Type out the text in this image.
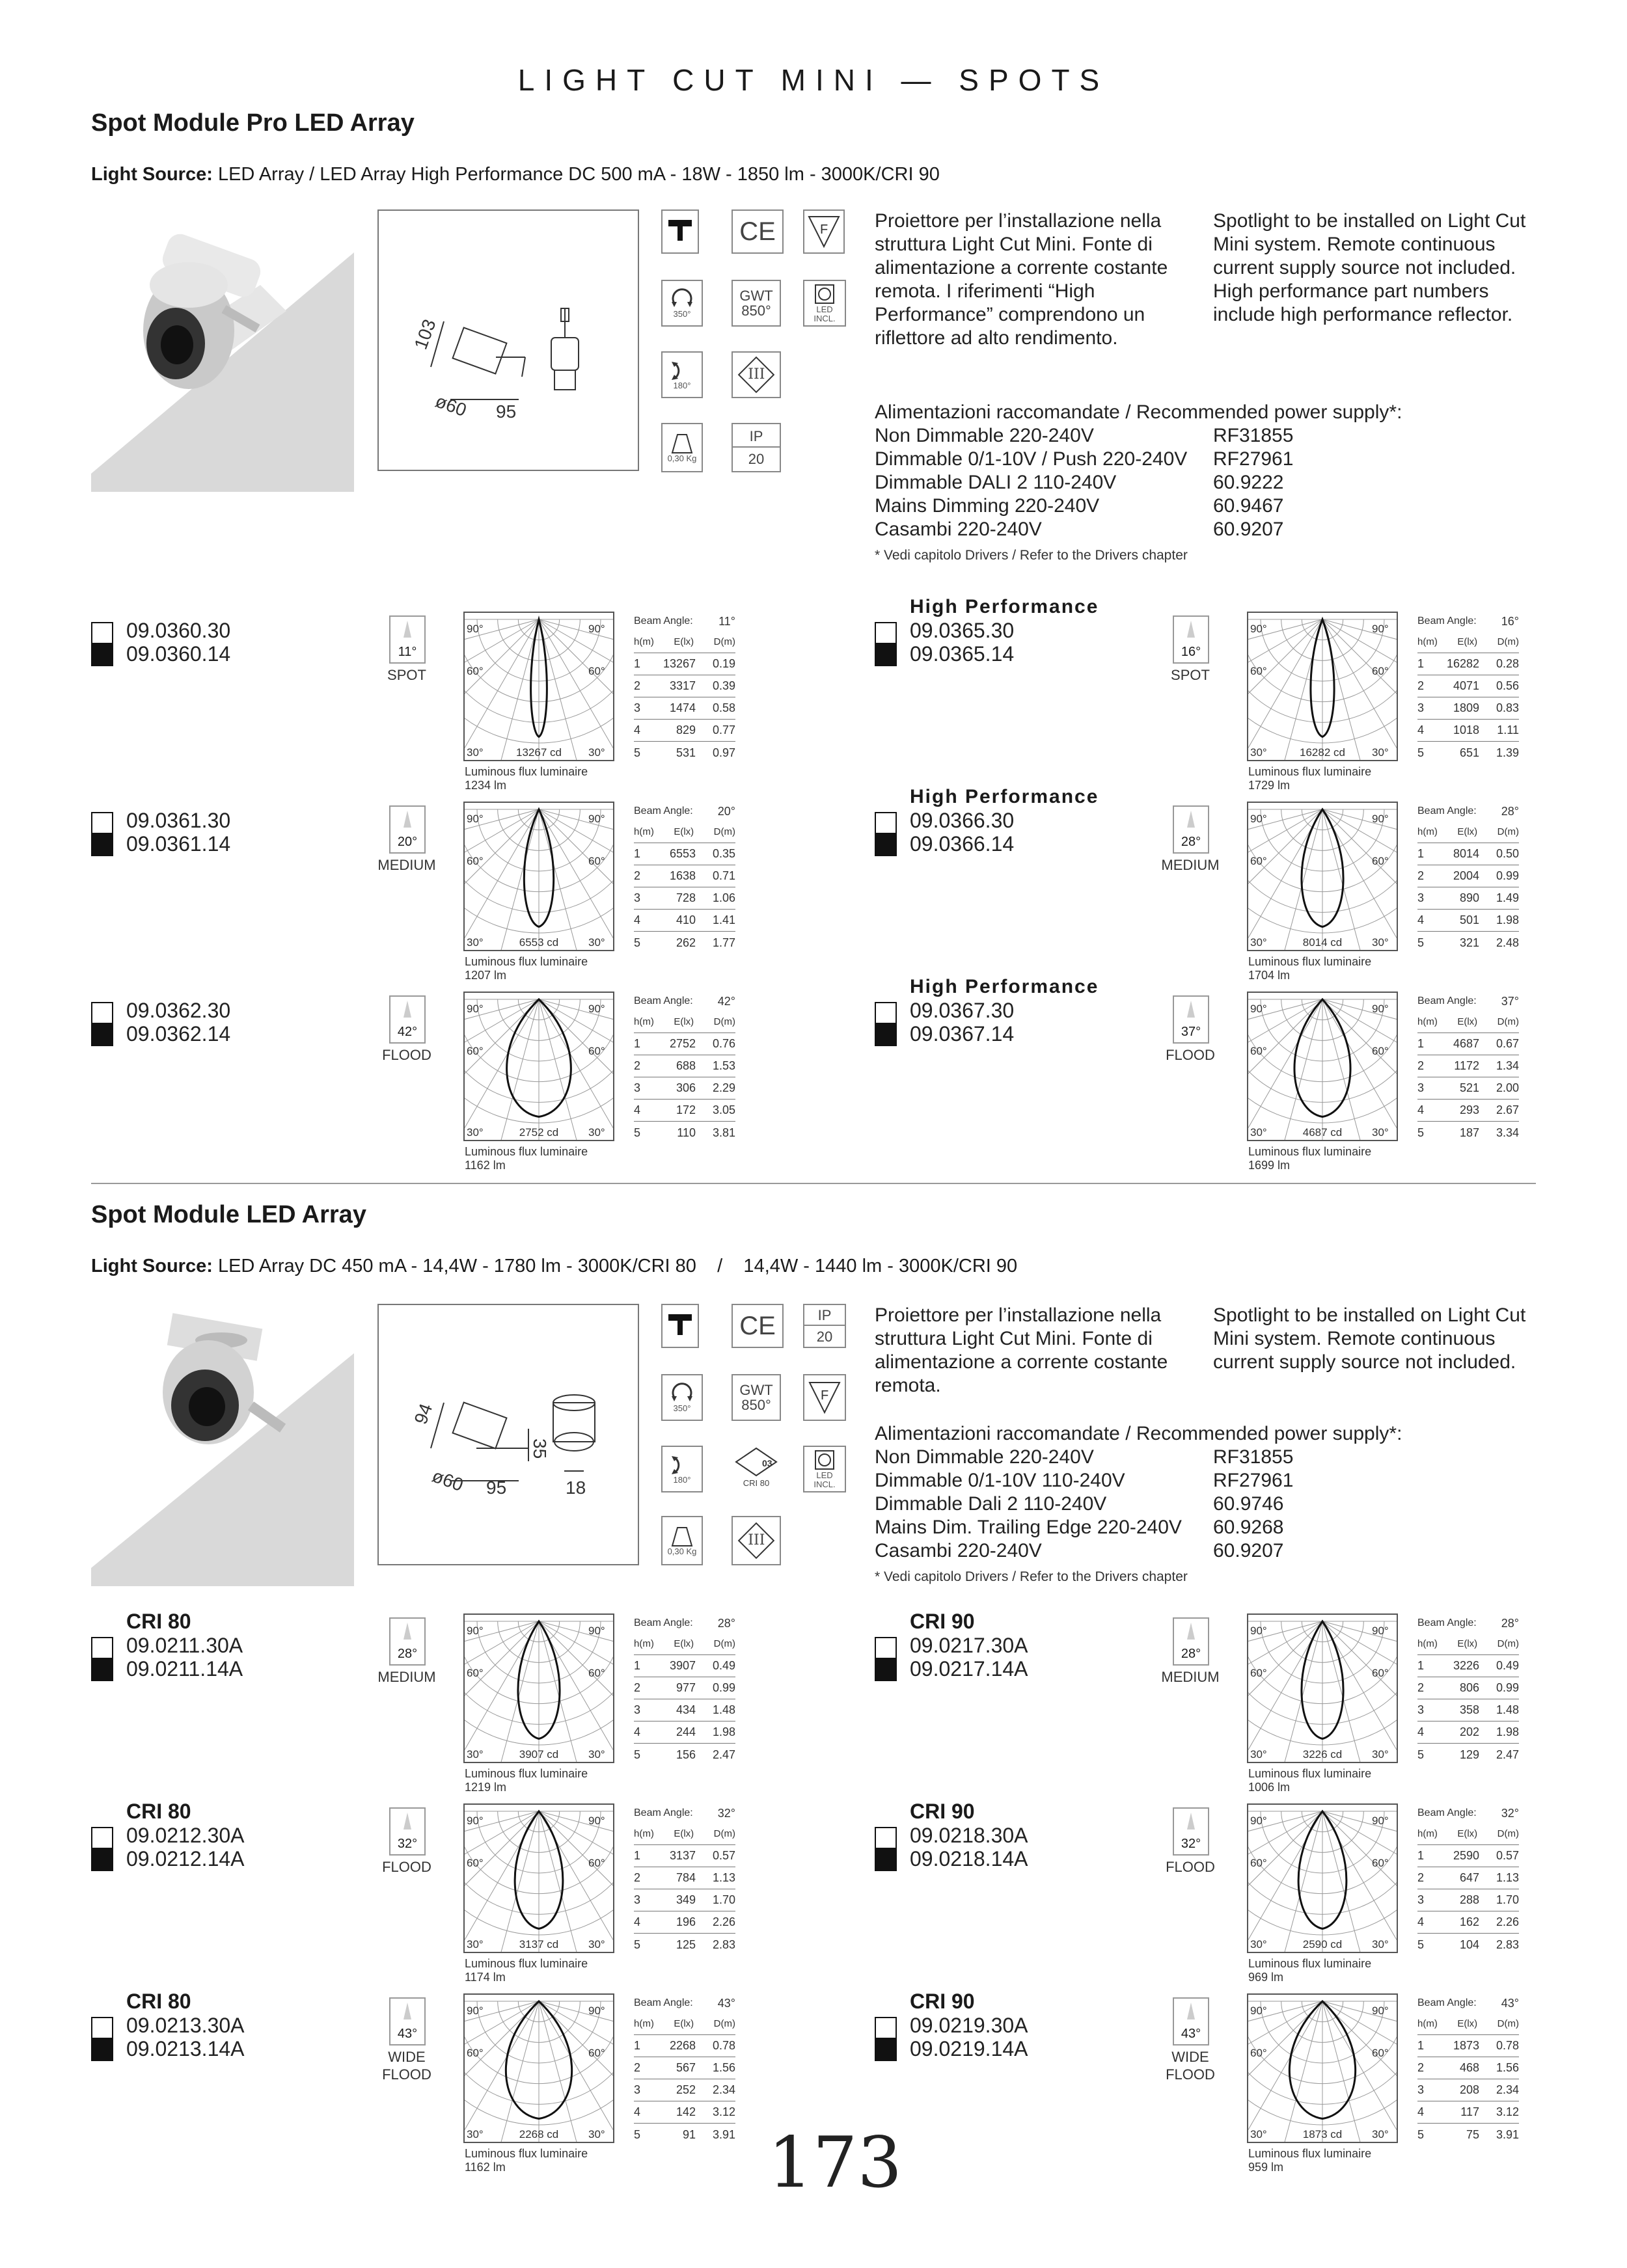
LIGHT CUT MINI — SPOTS
Spot Module Pro LED Array
Light Source: LED Array / LED Array High Performance DC 500 mA - 18W - 1850 lm - 3000K/CRI 90
103
ø60 95
CE	F
350°
GWT 850°	LED INCL.
180°
III
0,30 Kg
IP
20
Proiettore per l’installazione nella struttura Light Cut Mini. Fonte di alimentazione a corrente costante remota. I riferimenti “High Performance” comprendono un riflettore ad alto rendimento.
Spotlight to be installed on Light Cut Mini system. Remote continuous current supply source not included. High performance part numbers include high performance reflector.
Alimentazioni raccomandate / Recommended power supply*:
Non Dimmable 220-240V	RF31855
Dimmable 0/1-10V / Push 220-240V	RF27961
Dimmable DALI 2 110-240V	60.9222
Mains Dimming 220-240V	60.9467
Casambi 220-240V	60.9207
* Vedi capitolo Drivers / Refer to the Drivers chapter
09.0360.30
09.0360.14	11°
SPOT
90°	90°
60°	60°
30°	30°
13267 cd
Luminous flux luminaire
1234 lm
Beam Angle: 11°
h(m) E(lx) D(m)
1	13267	0.19
2	3317	0.39
3	1474	0.58
4	829	0.77
5	531	0.97
High Performance
09.0365.30
09.0365.14	16°
SPOT
90°	90°
60°	60°
30°	30°
16282 cd
Luminous flux luminaire
1729 lm
Beam Angle: 16°
h(m) E(lx) D(m)
1	16282	0.28
2	4071	0.56
3	1809	0.83
4	1018	1.11
5	651	1.39
09.0361.30
09.0361.14	20°
MEDIUM
90°	90°
60°	60°
30°	30°
6553 cd
Luminous flux luminaire
1207 lm
Beam Angle: 20°
h(m) E(lx) D(m)
1	6553	0.35
2	1638	0.71
3	728	1.06
4	410	1.41
5	262	1.77
High Performance
09.0366.30
09.0366.14	28°
MEDIUM
90°	90°
60°	60°
30°	30°
8014 cd
Luminous flux luminaire
1704 lm
Beam Angle: 28°
h(m) E(lx) D(m)
1	8014	0.50
2	2004	0.99
3	890	1.49
4	501	1.98
5	321	2.48
09.0362.30
09.0362.14	42°
FLOOD
90°	90°
60°	60°
30°	30°
2752 cd
Luminous flux luminaire
1162 lm
Beam Angle: 42°
h(m) E(lx) D(m)
1	2752	0.76
2	688	1.53
3	306	2.29
4	172	3.05
5	110	3.81
High Performance
09.0367.30
09.0367.14	37°
FLOOD
90°	90°
60°	60°
30°	30°
4687 cd
Luminous flux luminaire
1699 lm
Beam Angle: 37°
h(m) E(lx) D(m)
1	4687	0.67
2	1172	1.34
3	521	2.00
4	293	2.67
5	187	3.34
Spot Module LED Array
Light Source: LED Array DC 450 mA - 14,4W - 1780 lm - 3000K/CRI 80    /    14,4W - 1440 lm - 3000K/CRI 90
94
ø60 95
35
18
CE	IP
20
350°
GWT 850°
F
180°
03
CRI 80
LED INCL.
0,30 Kg
III
Proiettore per l’installazione nella struttura Light Cut Mini. Fonte di alimentazione a corrente costante remota.
Spotlight to be installed on Light Cut Mini system. Remote continuous current supply source not included.
Alimentazioni raccomandate / Recommended power supply*:
Non Dimmable 220-240V	RF31855
Dimmable 0/1-10V 110-240V	RF27961
Dimmable Dali 2 110-240V	60.9746
Mains Dim. Trailing Edge 220-240V	60.9268
Casambi 220-240V	60.9207
* Vedi capitolo Drivers / Refer to the Drivers chapter
CRI 80
09.0211.30A
09.0211.14A
28°
MEDIUM
90°	90°
60°	60°
30°	30°
3907 cd
Luminous flux luminaire
1219 lm
Beam Angle: 28°
h(m) E(lx) D(m)
1	3907	0.49
2	977	0.99
3	434	1.48
4	244	1.98
5	156	2.47
CRI 90
09.0217.30A
09.0217.14A
28°
MEDIUM
90°	90°
60°	60°
30°	30°
3226 cd
Luminous flux luminaire
1006 lm
Beam Angle: 28°
h(m) E(lx) D(m)
1	3226	0.49
2	806	0.99
3	358	1.48
4	202	1.98
5	129	2.47
CRI 80
09.0212.30A
09.0212.14A
32°
FLOOD
90°	90°
60°	60°
30°	30°
3137 cd
Luminous flux luminaire
1174 lm
Beam Angle: 32°
h(m) E(lx) D(m)
1	3137	0.57
2	784	1.13
3	349	1.70
4	196	2.26
5	125	2.83
CRI 90
09.0218.30A
09.0218.14A
32°
FLOOD
90°	90°
60°	60°
30°	30°
2590 cd
Luminous flux luminaire
969 lm
Beam Angle: 32°
h(m) E(lx) D(m)
1	2590	0.57
2	647	1.13
3	288	1.70
4	162	2.26
5	104	2.83
CRI 80
09.0213.30A
09.0213.14A
43°
WIDE FLOOD
90°	90°
60°	60°
30°	30°
2268 cd
Luminous flux luminaire
1162 lm
Beam Angle: 43°
h(m) E(lx) D(m)
1	2268	0.78
2	567	1.56
3	252	2.34
4	142	3.12
5	91	3.91
CRI 90
09.0219.30A
09.0219.14A
43°
WIDE FLOOD
90°	90°
60°	60°
30°	30°
1873 cd
Luminous flux luminaire
959 lm
Beam Angle: 43°
h(m) E(lx) D(m)
1	1873	0.78
2	468	1.56
3	208	2.34
4	117	3.12
5	75	3.91
173
